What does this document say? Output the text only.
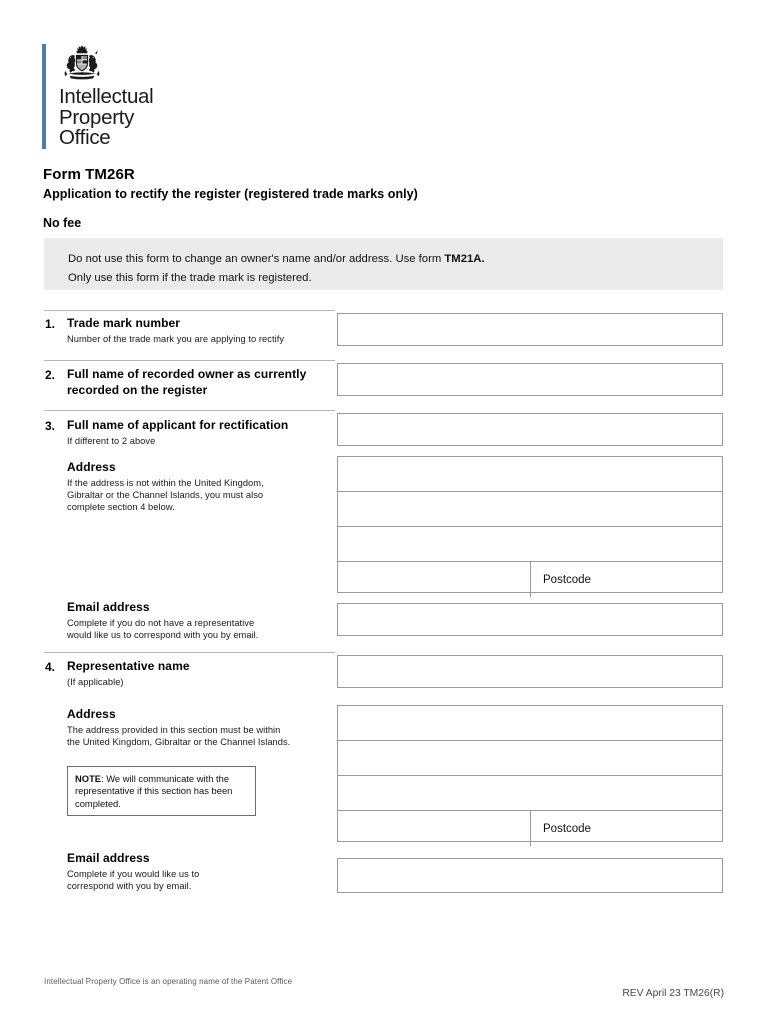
Intellectual
Property
Office
Form TM26R
Application to rectify the register (registered trade marks only)
No fee
Do not use this form to change an owner's name and/or address. Use form TM21A.
Only use this form if the trade mark is registered.
1. Trade mark number
Number of the trade mark you are applying to rectify
2. Full name of recorded owner as currently
recorded on the register
3. Full name of applicant for rectification
If different to 2 above
Address
If the address is not within the United Kingdom,
Gibraltar or the Channel Islands, you must also
complete section 4 below.
Postcode
Email address
Complete if you do not have a representative
would like us to correspond with you by email.
4. Representative name
(If applicable)
Address
The address provided in this section must be within
the United Kingdom, Gibraltar or the Channel Islands.
NOTE: We will communicate with the representative if this section has been completed.
Postcode
Email address
Complete if you would like us to
correspond with you by email.
Intellectual Property Office is an operating name of the Patent Office
REV April 23 TM26(R)
